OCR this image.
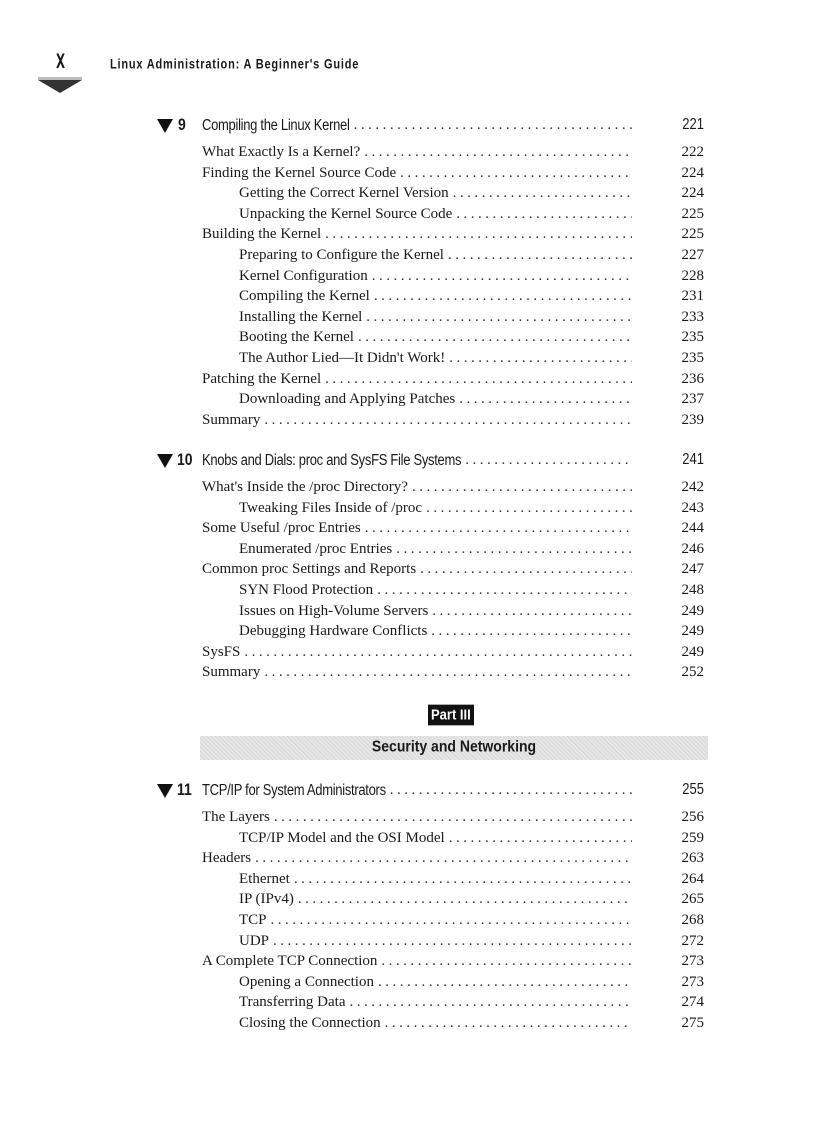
X	Linux Administration: A Beginner's Guide
9 Compiling the Linux Kernel .....	221
What Exactly Is a Kernel? .....	222
Finding the Kernel Source Code .....	224
Getting the Correct Kernel Version .....	224
Unpacking the Kernel Source Code .....	225
Building the Kernel .....	225
Preparing to Configure the Kernel .....	227
Kernel Configuration .....	228
Compiling the Kernel .....	231
Installing the Kernel .....	233
Booting the Kernel .....	235
The Author Lied—It Didn't Work! .....	235
Patching the Kernel .....	236
Downloading and Applying Patches .....	237
Summary .....	239
10 Knobs and Dials: proc and SysFS File Systems .....	241
What's Inside the /proc Directory? .....	242
Tweaking Files Inside of /proc .....	243
Some Useful /proc Entries .....	244
Enumerated /proc Entries .....	246
Common proc Settings and Reports .....	247
SYN Flood Protection .....	248
Issues on High-Volume Servers .....	249
Debugging Hardware Conflicts .....	249
SysFS .....	249
Summary .....	252
11 TCP/IP for System Administrators .....	255
The Layers .....	256
TCP/IP Model and the OSI Model .....	259
Headers .....	263
Ethernet .....	264
IP (IPv4) .....	265
TCP .....	268
UDP .....	272
A Complete TCP Connection .....	273
Opening a Connection .....	273
Transferring Data .....	274
Closing the Connection .....	275
Part III
Security and Networking
